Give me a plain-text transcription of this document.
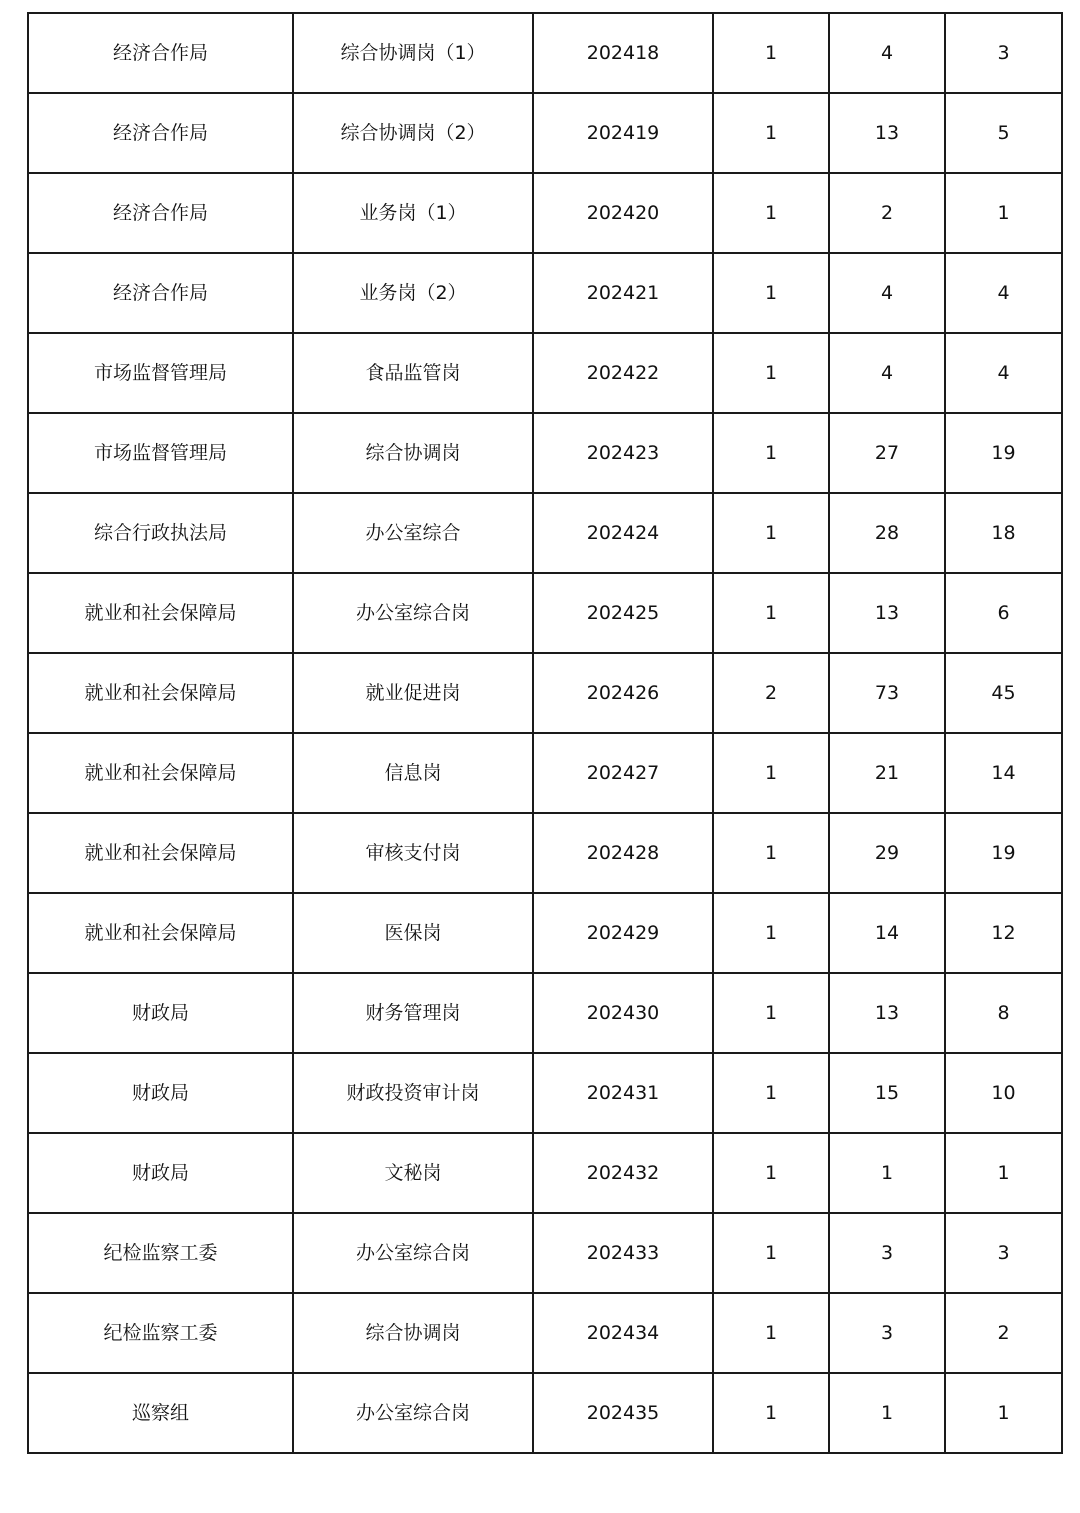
经济合作局	综合协调岗（1）	202418	1	4	3
经济合作局	综合协调岗（2）	202419	1	13	5
经济合作局	业务岗（1）	202420	1	2	1
经济合作局	业务岗（2）	202421	1	4	4
市场监督管理局	食品监管岗	202422	1	4	4
市场监督管理局	综合协调岗	202423	1	27	19
综合行政执法局	办公室综合	202424	1	28	18
就业和社会保障局	办公室综合岗	202425	1	13	6
就业和社会保障局	就业促进岗	202426	2	73	45
就业和社会保障局	信息岗	202427	1	21	14
就业和社会保障局	审核支付岗	202428	1	29	19
就业和社会保障局	医保岗	202429	1	14	12
财政局	财务管理岗	202430	1	13	8
财政局	财政投资审计岗	202431	1	15	10
财政局	文秘岗	202432	1	1	1
纪检监察工委	办公室综合岗	202433	1	3	3
纪检监察工委	综合协调岗	202434	1	3	2
巡察组	办公室综合岗	202435	1	1	1
